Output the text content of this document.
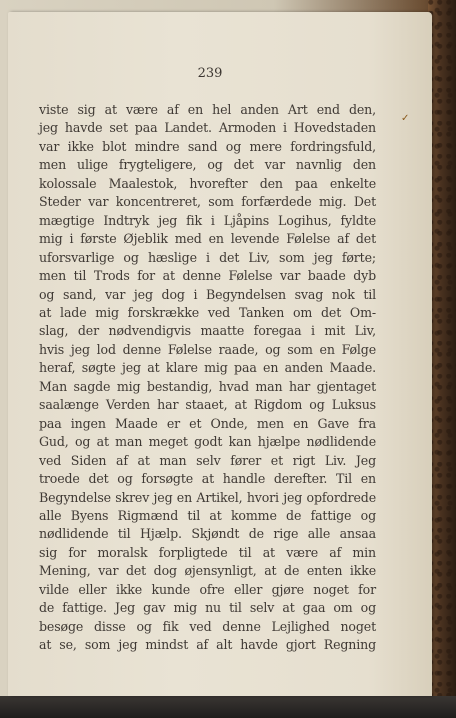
239

viste sig at være af en hel anden Art end den,
jeg havde set paa Landet. Armoden i Hovedstaden
var ikke blot mindre sand og mere fordringsfuld,
men ulige frygteligere, og det var navnlig den
kolossale Maalestok, hvorefter den paa enkelte
Steder var koncentreret, som forfærdede mig. Det
mægtige Indtryk jeg fik i Ljåpins Logihus, fyldte
mig i første Øjeblik med en levende Følelse af det
uforsvarlige og hæslige i det Liv, som jeg førte;
men til Trods for at denne Følelse var baade dyb
og sand, var jeg dog i Begyndelsen svag nok til
at lade mig forskrække ved Tanken om det Om-
slag, der nødvendigvis maatte foregaa i mit Liv,
hvis jeg lod denne Følelse raade, og som en Følge
heraf, søgte jeg at klare mig paa en anden Maade.
Man sagde mig bestandig, hvad man har gjentaget
saalænge Verden har staaet, at Rigdom og Luksus
paa ingen Maade er et Onde, men en Gave fra
Gud, og at man meget godt kan hjælpe nødlidende
ved Siden af at man selv fører et rigt Liv. Jeg
troede det og forsøgte at handle derefter. Til en
Begyndelse skrev jeg en Artikel, hvori jeg opfordrede
alle Byens Rigmænd til at komme de fattige og
nødlidende til Hjælp. Skjøndt de rige alle ansaa
sig for moralsk forpligtede til at være af min
Mening, var det dog øjensynligt, at de enten ikke
vilde eller ikke kunde ofre eller gjøre noget for
de fattige. Jeg gav mig nu til selv at gaa om og
besøge disse og fik ved denne Lejlighed noget
at se, som jeg mindst af alt havde gjort Regning
✓
